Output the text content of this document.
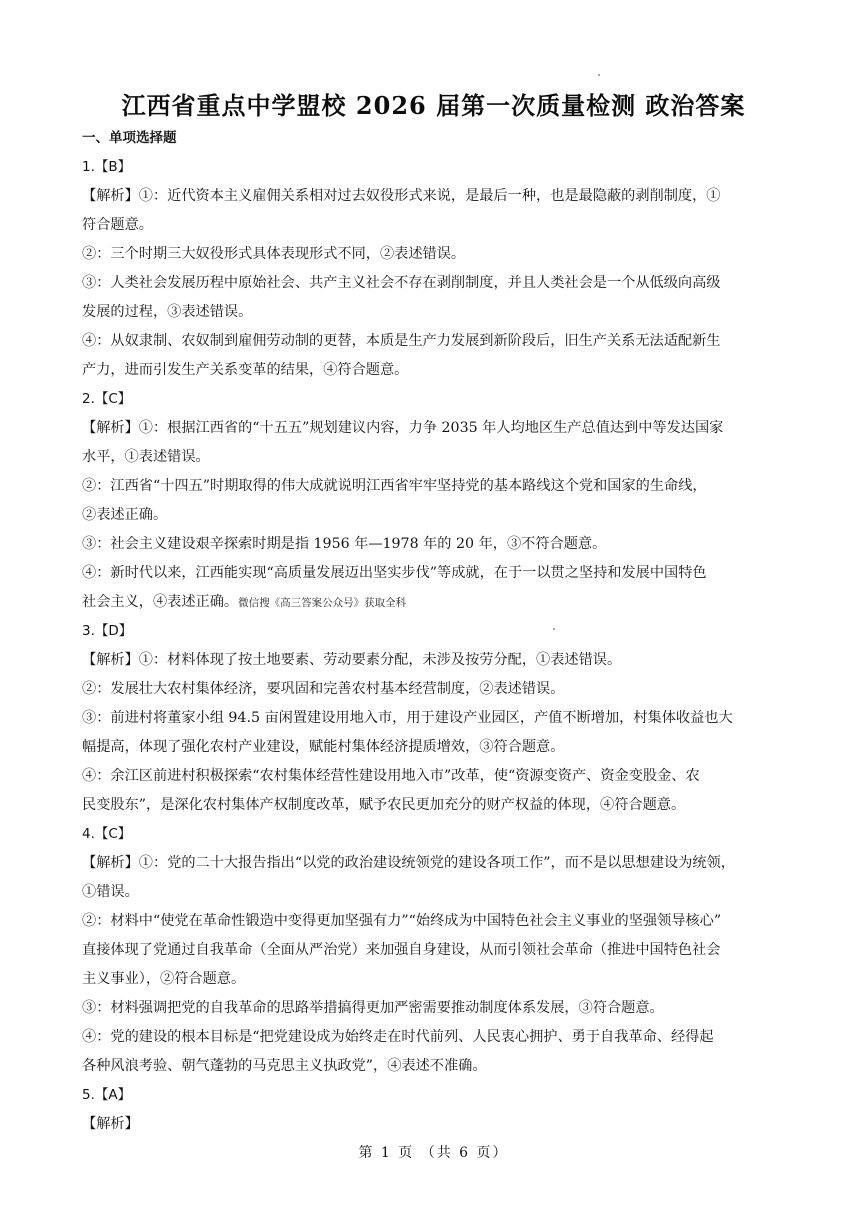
江西省重点中学盟校 2026 届第一次质量检测 政治答案
一、单项选择题
1.【B】
【解析】①：近代资本主义雇佣关系相对过去奴役形式来说，是最后一种，也是最隐蔽的剥削制度，①
符合题意。
②：三个时期三大奴役形式具体表现形式不同，②表述错误。
③：人类社会发展历程中原始社会、共产主义社会不存在剥削制度，并且人类社会是一个从低级向高级
发展的过程，③表述错误。
④：从奴隶制、农奴制到雇佣劳动制的更替，本质是生产力发展到新阶段后，旧生产关系无法适配新生
产力，进而引发生产关系变革的结果，④符合题意。
2.【C】
【解析】①：根据江西省的“十五五”规划建议内容，力争 2035 年人均地区生产总值达到中等发达国家
水平，①表述错误。
②：江西省“十四五”时期取得的伟大成就说明江西省牢牢坚持党的基本路线这个党和国家的生命线，
②表述正确。
③：社会主义建设艰辛探索时期是指 1956 年—1978 年的 20 年，③不符合题意。
④：新时代以来，江西能实现“高质量发展迈出坚实步伐”等成就，在于一以贯之坚持和发展中国特色
社会主义，④表述正确。微信搜《高三答案公众号》获取全科
3.【D】
【解析】①：材料体现了按土地要素、劳动要素分配，未涉及按劳分配，①表述错误。
②：发展壮大农村集体经济，要巩固和完善农村基本经营制度，②表述错误。
③：前进村将董家小组 94.5 亩闲置建设用地入市，用于建设产业园区，产值不断增加，村集体收益也大
幅提高，体现了强化农村产业建设，赋能村集体经济提质增效，③符合题意。
④：余江区前进村积极探索“农村集体经营性建设用地入市”改革，使“资源变资产、资金变股金、农
民变股东”，是深化农村集体产权制度改革，赋予农民更加充分的财产权益的体现，④符合题意。
4.【C】
【解析】①：党的二十大报告指出“以党的政治建设统领党的建设各项工作”，而不是以思想建设为统领，
①错误。
②：材料中“使党在革命性锻造中变得更加坚强有力”“始终成为中国特色社会主义事业的坚强领导核心”
直接体现了党通过自我革命（全面从严治党）来加强自身建设，从而引领社会革命（推进中国特色社会
主义事业），②符合题意。
③：材料强调把党的自我革命的思路举措搞得更加严密需要推动制度体系发展，③符合题意。
④：党的建设的根本目标是“把党建设成为始终走在时代前列、人民衷心拥护、勇于自我革命、经得起
各种风浪考验、朝气蓬勃的马克思主义执政党”，④表述不准确。
5.【A】
【解析】

第 1 页 （共 6 页）
